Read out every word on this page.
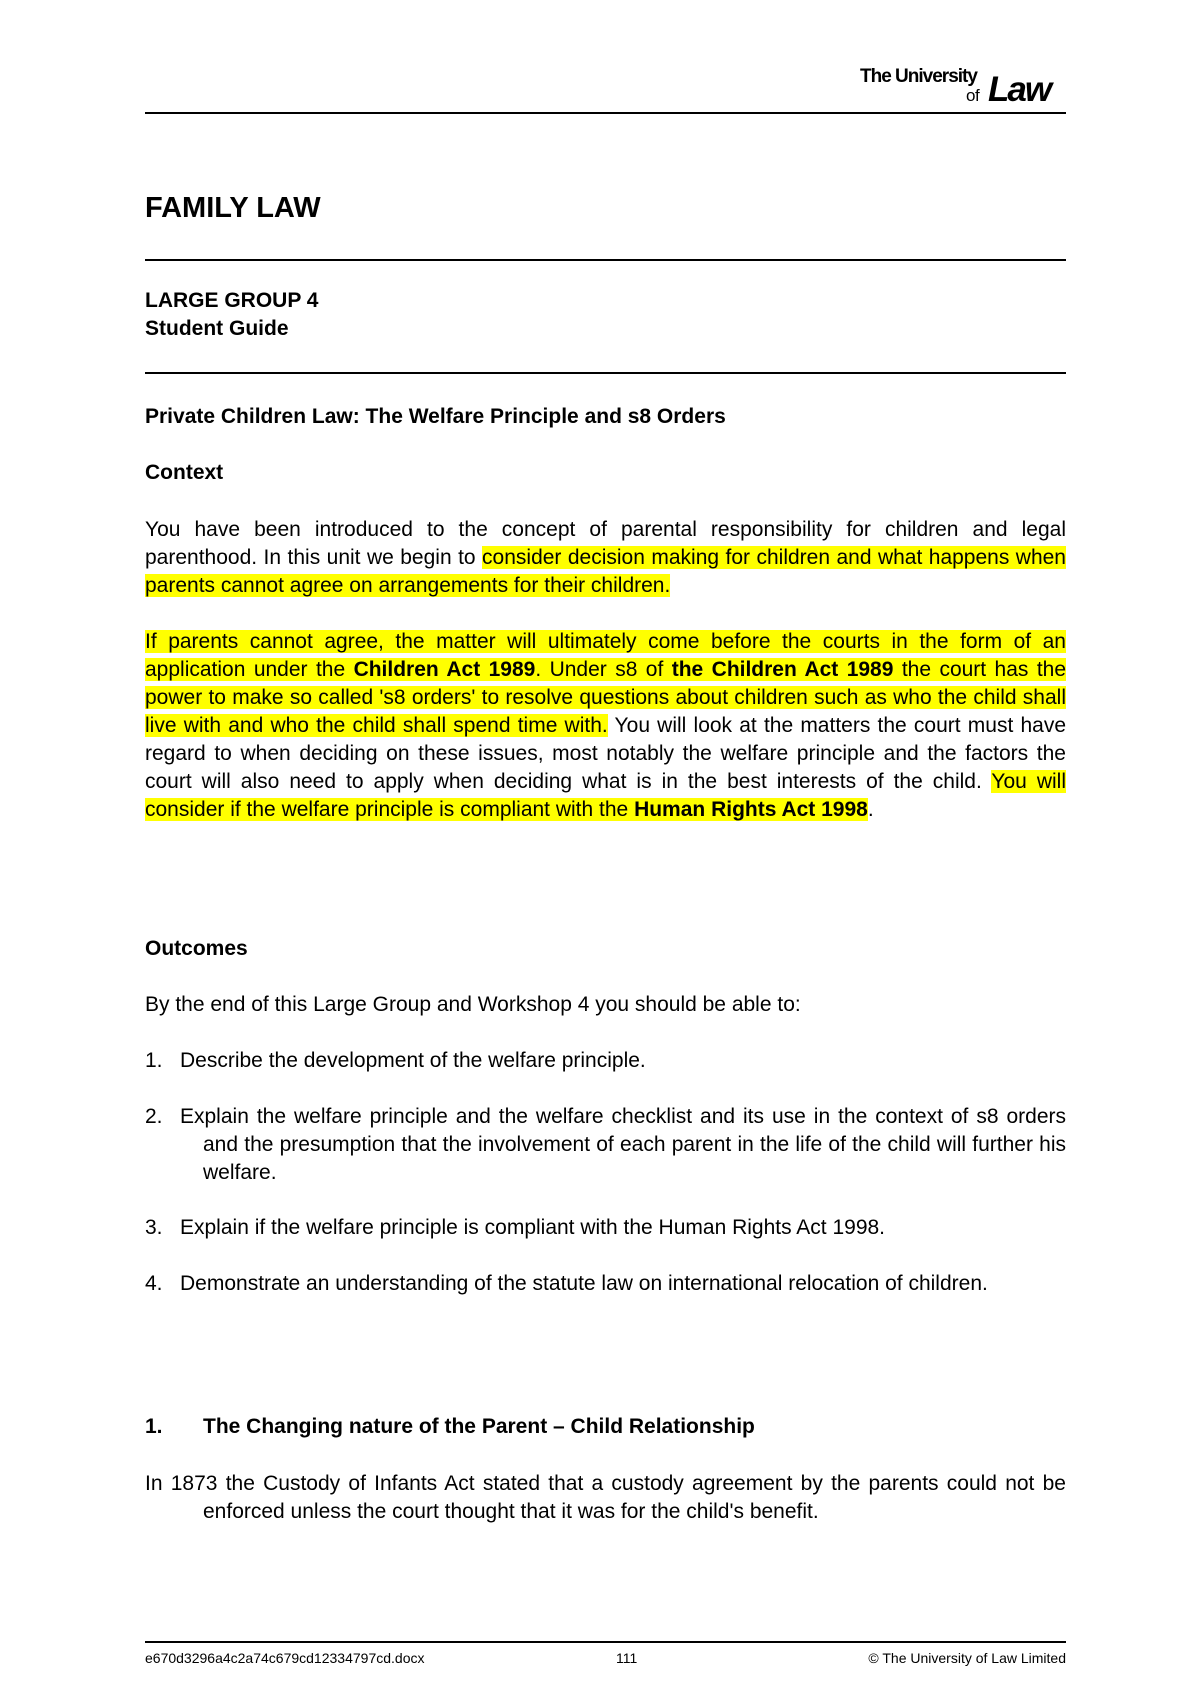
The University
of Law
FAMILY LAW
LARGE GROUP 4
Student Guide
Private Children Law: The Welfare Principle and s8 Orders
Context
You have been introduced to the concept of parental responsibility for children and legal parenthood. In this unit we begin to consider decision making for children and what happens when parents cannot agree on arrangements for their children.
If parents cannot agree, the matter will ultimately come before the courts in the form of an application under the Children Act 1989. Under s8 of the Children Act 1989 the court has the power to make so called 's8 orders' to resolve questions about children such as who the child shall live with and who the child shall spend time with. You will look at the matters the court must have regard to when deciding on these issues, most notably the welfare principle and the factors the court will also need to apply when deciding what is in the best interests of the child. You will consider if the welfare principle is compliant with the Human Rights Act 1998.
Outcomes
By the end of this Large Group and Workshop 4 you should be able to:
1. Describe the development of the welfare principle.
2. Explain the welfare principle and the welfare checklist and its use in the context of s8 orders and the presumption that the involvement of each parent in the life of the child will further his welfare.
3. Explain if the welfare principle is compliant with the Human Rights Act 1998.
4. Demonstrate an understanding of the statute law on international relocation of children.
1. The Changing nature of the Parent – Child Relationship
In 1873 the Custody of Infants Act stated that a custody agreement by the parents could not be enforced unless the court thought that it was for the child's benefit.
e670d3296a4c2a74c679cd12334797cd.docx	111	© The University of Law Limited
